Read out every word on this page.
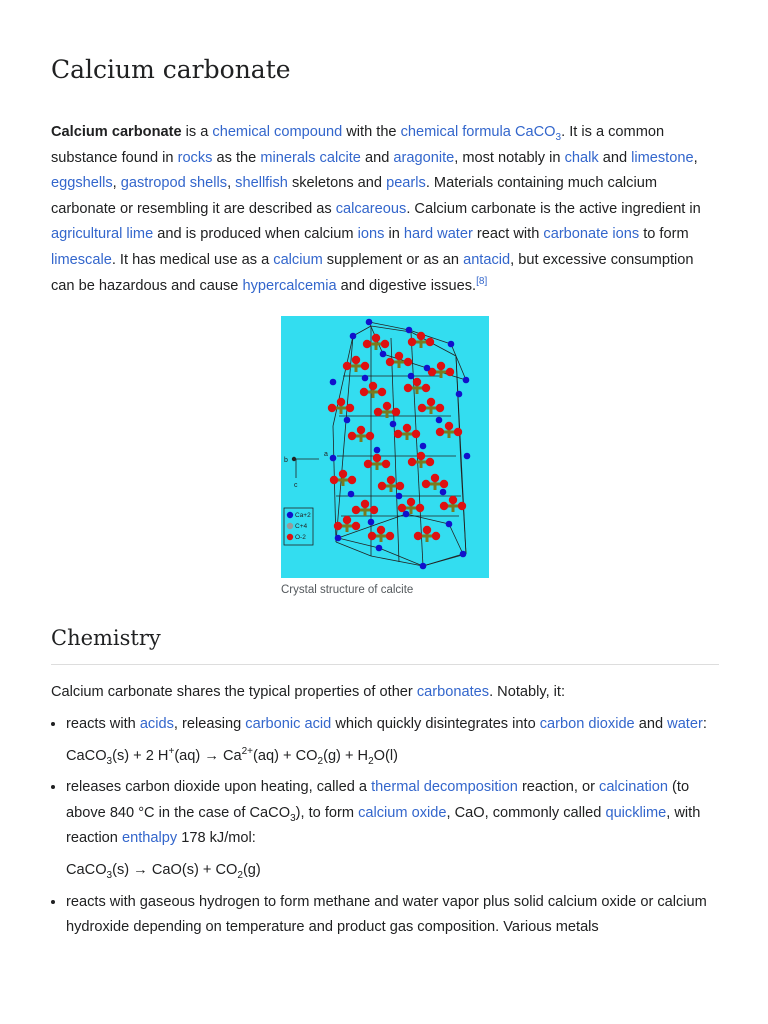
Calcium carbonate

Calcium carbonate is a chemical compound with the chemical formula CaCO$_3$. It is a common substance found in rocks as the minerals calcite and aragonite, most notably in chalk and limestone, eggshells, gastropod shells, shellfish skeletons and pearls. Materials containing much calcium carbonate or resembling it are described as calcareous. Calcium carbonate is the active ingredient in agricultural lime and is produced when calcium ions in hard water react with carbonate ions to form limescale. It has medical use as a calcium supplement or as an antacid, but excessive consumption can be hazardous and cause hypercalcemia and digestive issues.[8]

b
a
c
Ca+2
C+4
O-2
Crystal structure of calcite
Chemistry

Calcium carbonate shares the typical properties of other carbonates. Notably, it:

• reacts with acids, releasing carbonic acid which quickly disintegrates into carbon dioxide and water:
CaCO$_3$(s) + 2 $H^+(aq) \to Ca^{2+}(aq) + CO_2(g) + H_2O(l)$
• releases carbon dioxide upon heating, called a thermal decomposition reaction, or calcination (to above 840 °C in the case of CaCO$_3$), to form calcium oxide, CaO, commonly called quicklime, with reaction enthalpy 178 kJ/mol:
CaCO$_3$(s) → $CaO(s) + CO_2(g)$
• reacts with gaseous hydrogen to form methane and water vapor plus solid calcium oxide or calcium hydroxide depending on temperature and product gas composition. Various metals
